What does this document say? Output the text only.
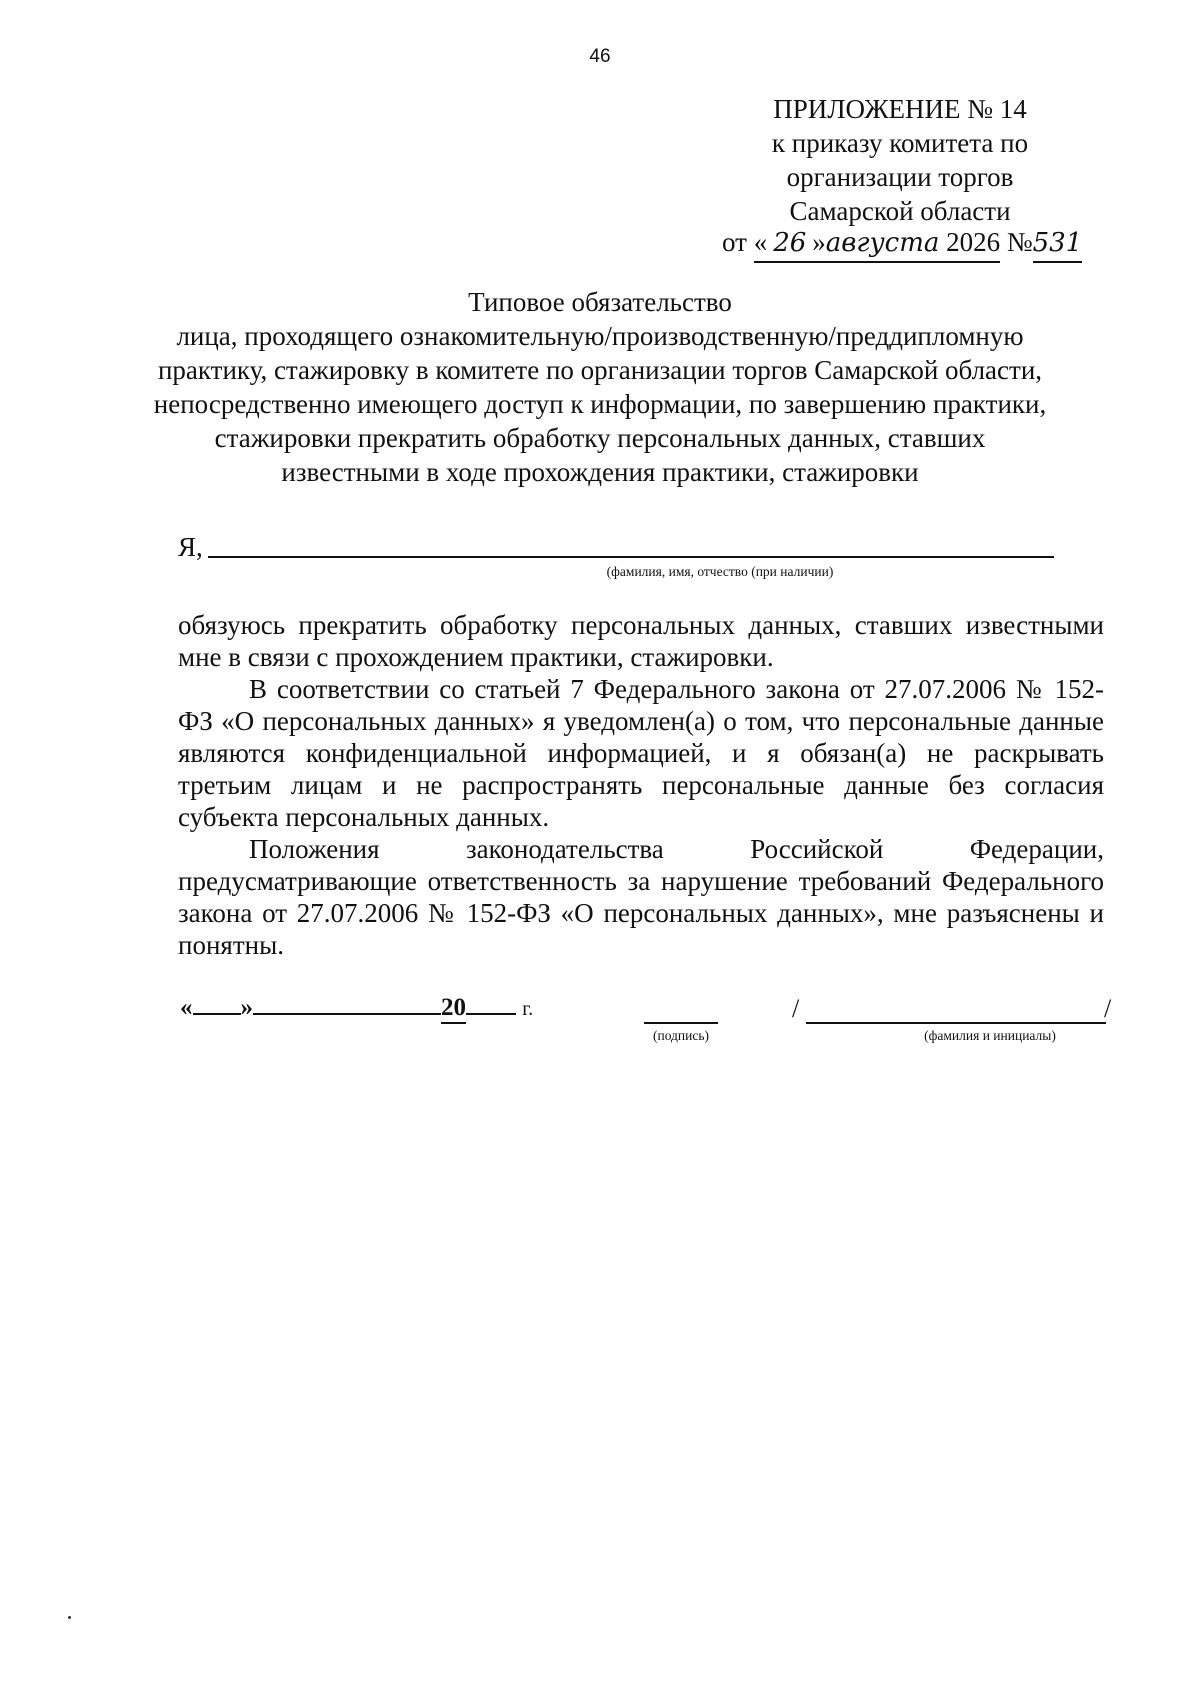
46
ПРИЛОЖЕНИЕ № 14
к приказу комитета по
организации торгов
Самарской области
от « 26 »августа 2026 №531
Типовое обязательство
лица, проходящего ознакомительную/производственную/преддипломную
практику, стажировку в комитете по организации торгов Самарской области,
непосредственно имеющего доступ к информации, по завершению практики,
стажировки прекратить обработку персональных данных, ставших
известными в ходе прохождения практики, стажировки
Я,
(фамилия, имя, отчество (при наличии)

обязуюсь прекратить обработку персональных данных, ставших известными мне в связи с прохождением практики, стажировки.

В соответствии со статьей 7 Федерального закона от 27.07.2006 № 152-ФЗ «О персональных данных» я уведомлен(а) о том, что персональные данные являются конфиденциальной информацией, и я обязан(а) не раскрывать третьим лицам и не распространять персональные данные без согласия субъекта персональных данных.

Положения	законодательства	Российской	Федерации,

предусматривающие ответственность за нарушение требований Федерального закона от 27.07.2006 № 152-ФЗ «О персональных данных», мне разъяснены и понятны.

« »	20	г.
(подпись)
/	/
(фамилия и инициалы)
